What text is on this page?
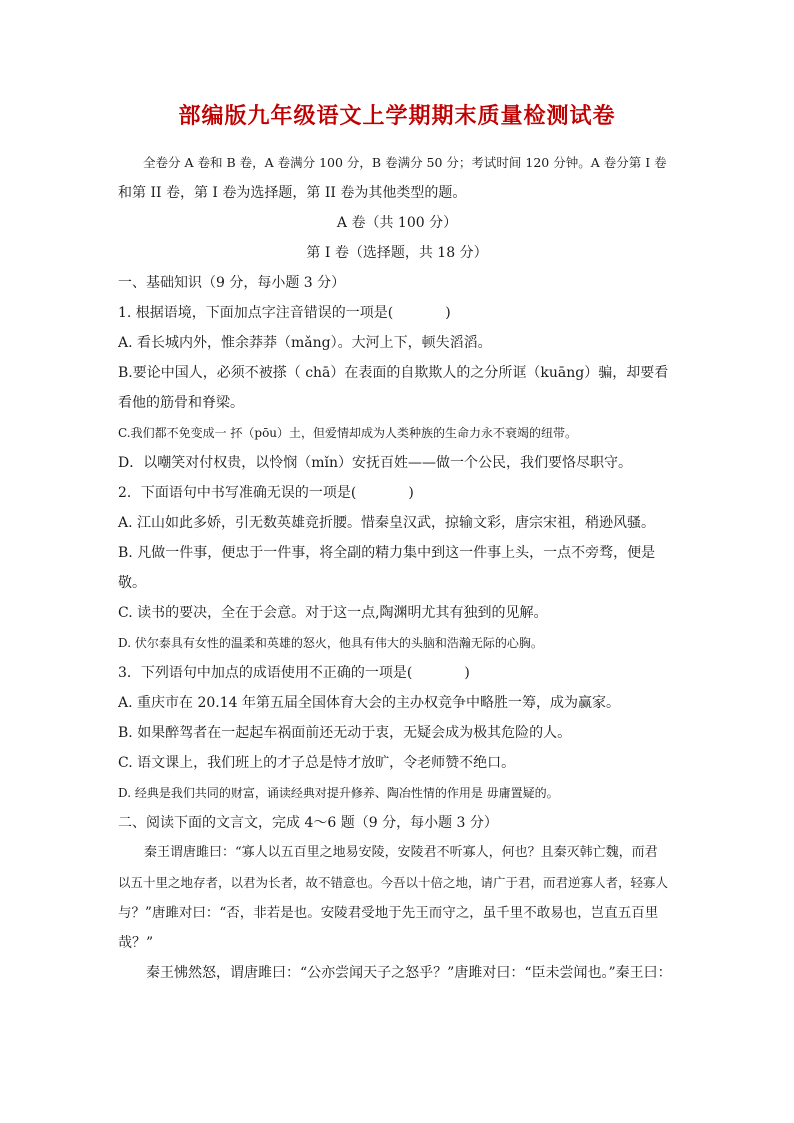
部编版九年级语文上学期期末质量检测试卷

全卷分 A 卷和 B 卷，A 卷满分 100 分，B 卷满分 50 分；考试时间 120 分钟。A 卷分第 I 卷

和第 II 卷，第 I 卷为选择题，第 II 卷为其他类型的题。

A 卷（共 100 分）

第 I 卷（选择题，共 18 分）

一、基础知识（9 分，每小题 3 分）

1. 根据语境，下面加点字注音错误的一项是(	)

A. 看长城内外，惟余莽莽（mǎng）。大河上下，顿失滔滔。

B.要论中国人，必须不被搽（ chā）在表面的自欺欺人的之分所诓（kuāng）骗，却要看

看他的筋骨和脊梁。

C.我们都不免变成一 抔（pōu）土，但爱情却成为人类种族的生命力永不衰竭的纽带。

D．以嘲笑对付权贵，以怜悯（mǐn）安抚百姓——做一个公民，我们要恪尽职守。

2．下面语句中书写准确无误的一项是(	)

A. 江山如此多娇，引无数英雄竞折腰。惜秦皇汉武，掠输文彩，唐宗宋祖，稍逊风骚。

B. 凡做一件事，便忠于一件事，将全副的精力集中到这一件事上头，一点不旁骛，便是

敬。

C. 读书的要决，全在于会意。对于这一点,陶渊明尤其有独到的见解。

D. 伏尔泰具有女性的温柔和英雄的怒火，他具有伟大的头脑和浩瀚无际的心胸。

3．下列语句中加点的成语使用不正确的一项是(	)

A. 重庆市在 20.14 年第五届全国体育大会的主办权竞争中略胜一筹，成为赢家。

B. 如果醉驾者在一起起车祸面前还无动于衷，无疑会成为极其危险的人。

C. 语文课上，我们班上的才子总是恃才放旷，令老师赞不绝口。

D. 经典是我们共同的财富，诵读经典对提升修养、陶冶性情的作用是 毋庸置疑的。

二、阅读下面的文言文，完成 4～6 题（9 分，每小题 3 分）

秦王谓唐雎曰：“寡人以五百里之地易安陵，安陵君不听寡人，何也？且秦灭韩亡魏，而君

以五十里之地存者，以君为长者，故不错意也。今吾以十倍之地，请广于君，而君逆寡人者，轻寡人

与？”唐雎对曰：“否，非若是也。安陵君受地于先王而守之，虽千里不敢易也，岂直五百里

哉？”

秦王怫然怒，谓唐雎曰：“公亦尝闻天子之怒乎？”唐雎对曰：“臣未尝闻也。”秦王曰：
